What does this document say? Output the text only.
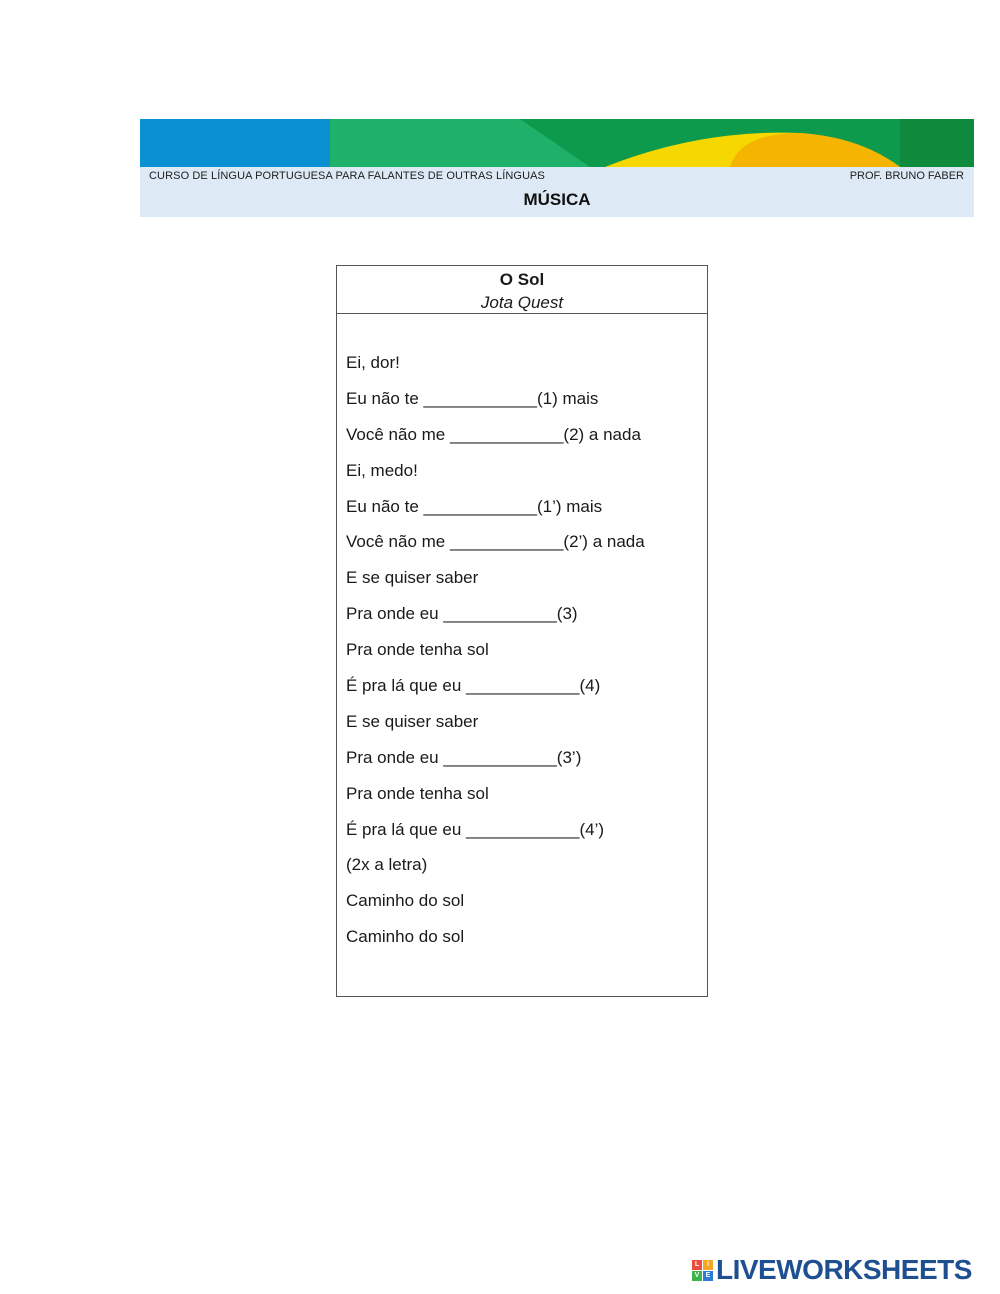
CURSO DE LÍNGUA PORTUGUESA PARA FALANTES DE OUTRAS LÍNGUAS	PROF. BRUNO FABER
MÚSICA
O Sol
Jota Quest
Ei, dor!
Eu não te ____________(1) mais
Você não me ____________(2) a nada
Ei, medo!
Eu não te ____________(1’) mais
Você não me ____________(2’) a nada
E se quiser saber
Pra onde eu ____________(3)
Pra onde tenha sol
É pra lá que eu ____________(4)
E se quiser saber
Pra onde eu ____________(3’)
Pra onde tenha sol
É pra lá que eu ____________(4’)
(2x a letra)
Caminho do sol
Caminho do sol
L	I
V E LIVEWORKSHEETS
